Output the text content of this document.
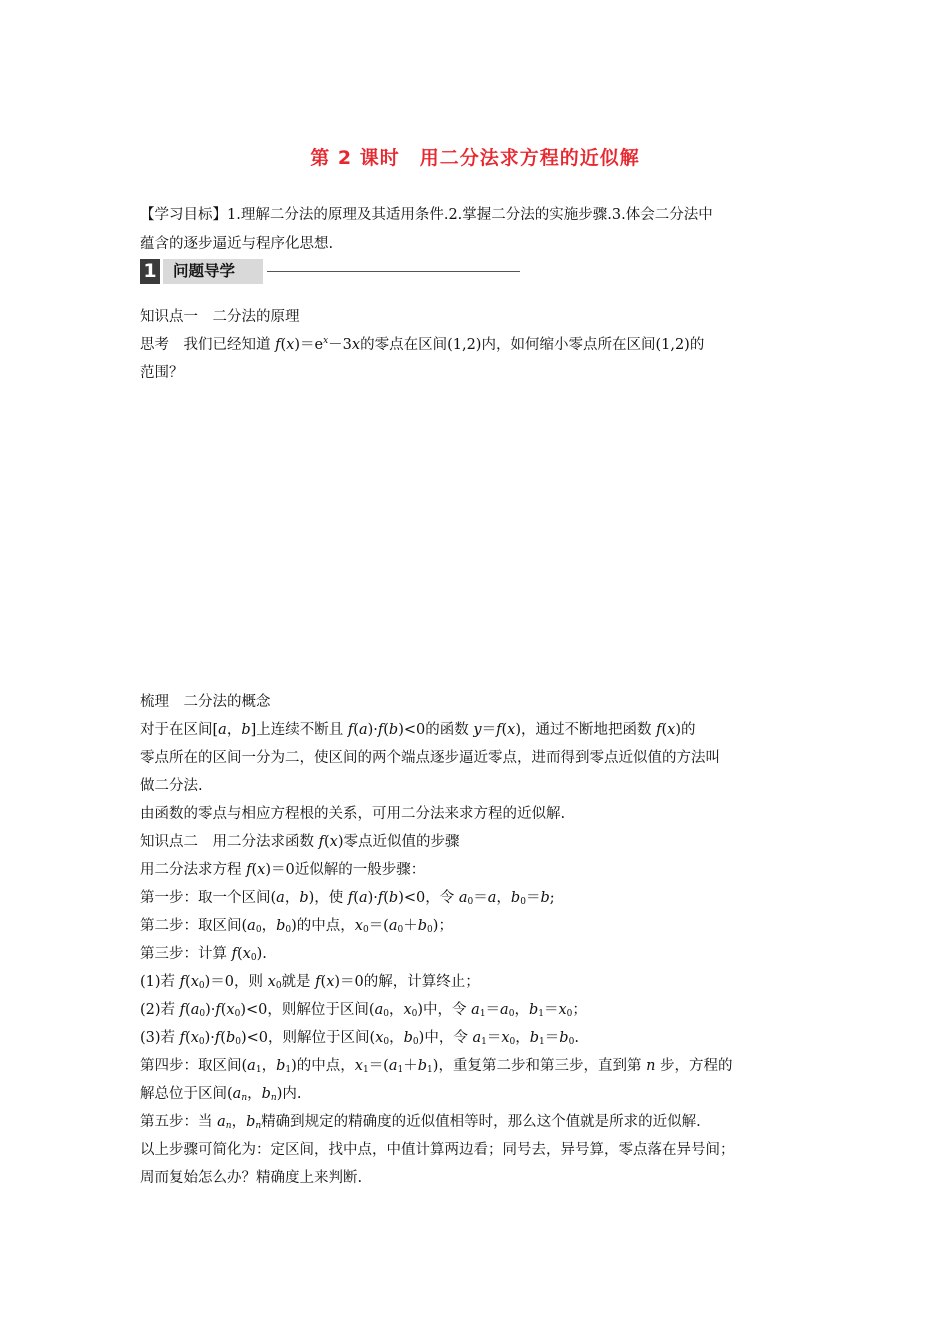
第 2 课时　用二分法求方程的近似解
【学习目标】1.理解二分法的原理及其适用条件.2.掌握二分法的实施步骤.3.体会二分法中
蕴含的逐步逼近与程序化思想.
1	问题导学
知识点一　二分法的原理
思考　 我们已经知道 $f(x)=e^x-3x$的零点在区间(1,2)内，如何缩小零点所在区间(1,2)的
范围？
梳理　二分法的概念
对于在区间[a，b]上连续不断且 f(a)·f(b)<0的函数 y＝f(x)，通过不断地把函数 f(x)的
零点所在的区间一分为二，使区间的两个端点逐步逼近零点，进而得到零点近似值的方法叫
做二分法.
由函数的零点与相应方程根的关系，可用二分法来求方程的近似解.
知识点二　用二分法求函数 f(x)零点近似值的步骤
用二分法求方程 f(x)＝0近似解的一般步骤：
第一步：取一个区间(a，b)，使 f(a)·f(b)<0，令 $a_0=a$，$b_0=b$;
第二步：取区间($a_0$，$b_0$)的中点，$x_0=(a_0+b_0)$；
第三步：计算 $f(x_0)$.
(1)若 $f(x_0)=0$，则 $x_0$就是 f(x)＝0的解，计算终止；
(2)若 $f(a_0)\cdot f(x_0)<0$，则解位于区间($a_0$，$x_0$)中，令 $a_1=a_0$，$b_1=x_0$；
(3)若 $f(x_0)\cdot f(b_0)<0$，则解位于区间($x_0$，$b_0$)中，令 $a_1=x_0$，$b_1=b_0$.
第四步：取区间($a_1$，$b_1$)的中点，$x_1=(a_1+b_1)$，重复第二步和第三步，直到第 n 步，方程的
解总位于区间($a_n$，$b_n$)内.
第五步：当 $a_n$，$b_n$精确到规定的精确度的近似值相等时，那么这个值就是所求的近似解.
以上步骤可简化为：定区间，找中点，中值计算两边看；同号去，异号算，零点落在异号间；
周而复始怎么办？精确度上来判断.
